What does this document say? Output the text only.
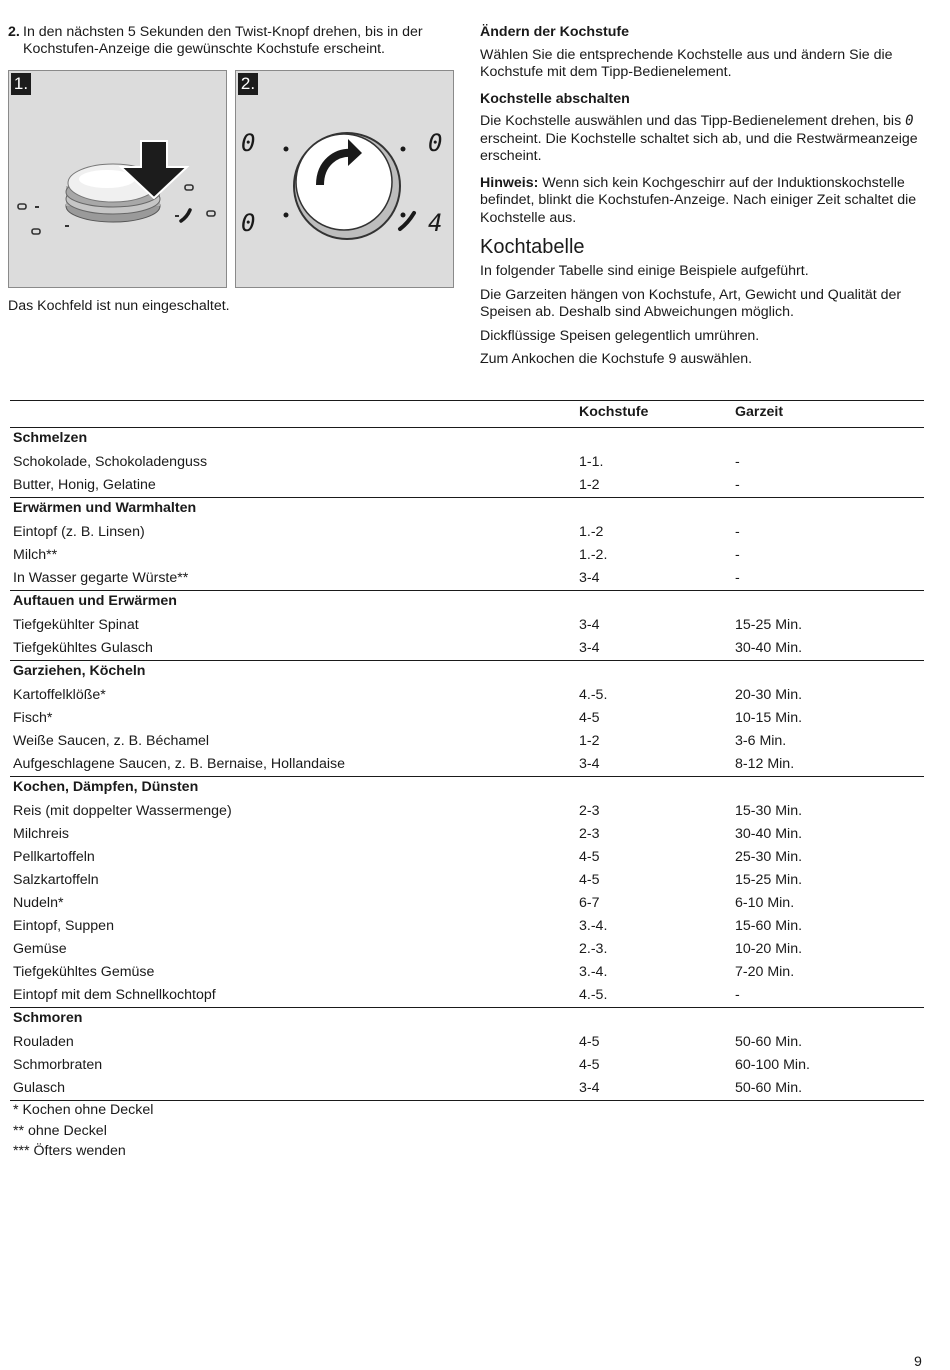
2. In den nächsten 5 Sekunden den Twist-Knopf drehen, bis in der Kochstufen-Anzeige die gewünschte Kochstufe erscheint.
1.
0	0
0	4
2.
Das Kochfeld ist nun eingeschaltet.
Ändern der Kochstufe

Wählen Sie die entsprechende Kochstelle aus und ändern Sie die Kochstufe mit dem Tipp-Bedienelement.

Kochstelle abschalten

Die Kochstelle auswählen und das Tipp-Bedienelement drehen, bis 0 erscheint. Die Kochstelle schaltet sich ab, und die Restwärmeanzeige erscheint.

Hinweis: Wenn sich kein Kochgeschirr auf der Induktionskochstelle befindet, blinkt die Kochstufen-Anzeige. Nach einiger Zeit schaltet die Kochstelle aus.

Kochtabelle

In folgender Tabelle sind einige Beispiele aufgeführt.

Die Garzeiten hängen von Kochstufe, Art, Gewicht und Qualität der Speisen ab. Deshalb sind Abweichungen möglich.

Dickflüssige Speisen gelegentlich umrühren.

Zum Ankochen die Kochstufe 9 auswählen.

Kochstufe	Garzeit
Schmelzen
Schokolade, Schokoladenguss	1-1.	-
Butter, Honig, Gelatine	1-2	-
Erwärmen und Warmhalten
Eintopf (z. B. Linsen)	1.-2	-
Milch**	1.-2.	-
In Wasser gegarte Würste**	3-4	-
Auftauen und Erwärmen
Tiefgekühlter Spinat	3-4	15-25 Min.
Tiefgekühltes Gulasch	3-4	30-40 Min.
Garziehen, Köcheln
Kartoffelklöße*	4.-5.	20-30 Min.
Fisch*	4-5	10-15 Min.
Weiße Saucen, z. B. Béchamel	1-2	3-6 Min.
Aufgeschlagene Saucen, z. B. Bernaise, Hollandaise	3-4	8-12 Min.
Kochen, Dämpfen, Dünsten
Reis (mit doppelter Wassermenge)	2-3	15-30 Min.
Milchreis	2-3	30-40 Min.
Pellkartoffeln	4-5	25-30 Min.
Salzkartoffeln	4-5	15-25 Min.
Nudeln*	6-7	6-10 Min.
Eintopf, Suppen	3.-4.	15-60 Min.
Gemüse	2.-3.	10-20 Min.
Tiefgekühltes Gemüse	3.-4.	7-20 Min.
Eintopf mit dem Schnellkochtopf	4.-5.	-
Schmoren
Rouladen	4-5	50-60 Min.
Schmorbraten	4-5	60-100 Min.
Gulasch	3-4	50-60 Min.
* Kochen ohne Deckel
** ohne Deckel
*** Öfters wenden
9
